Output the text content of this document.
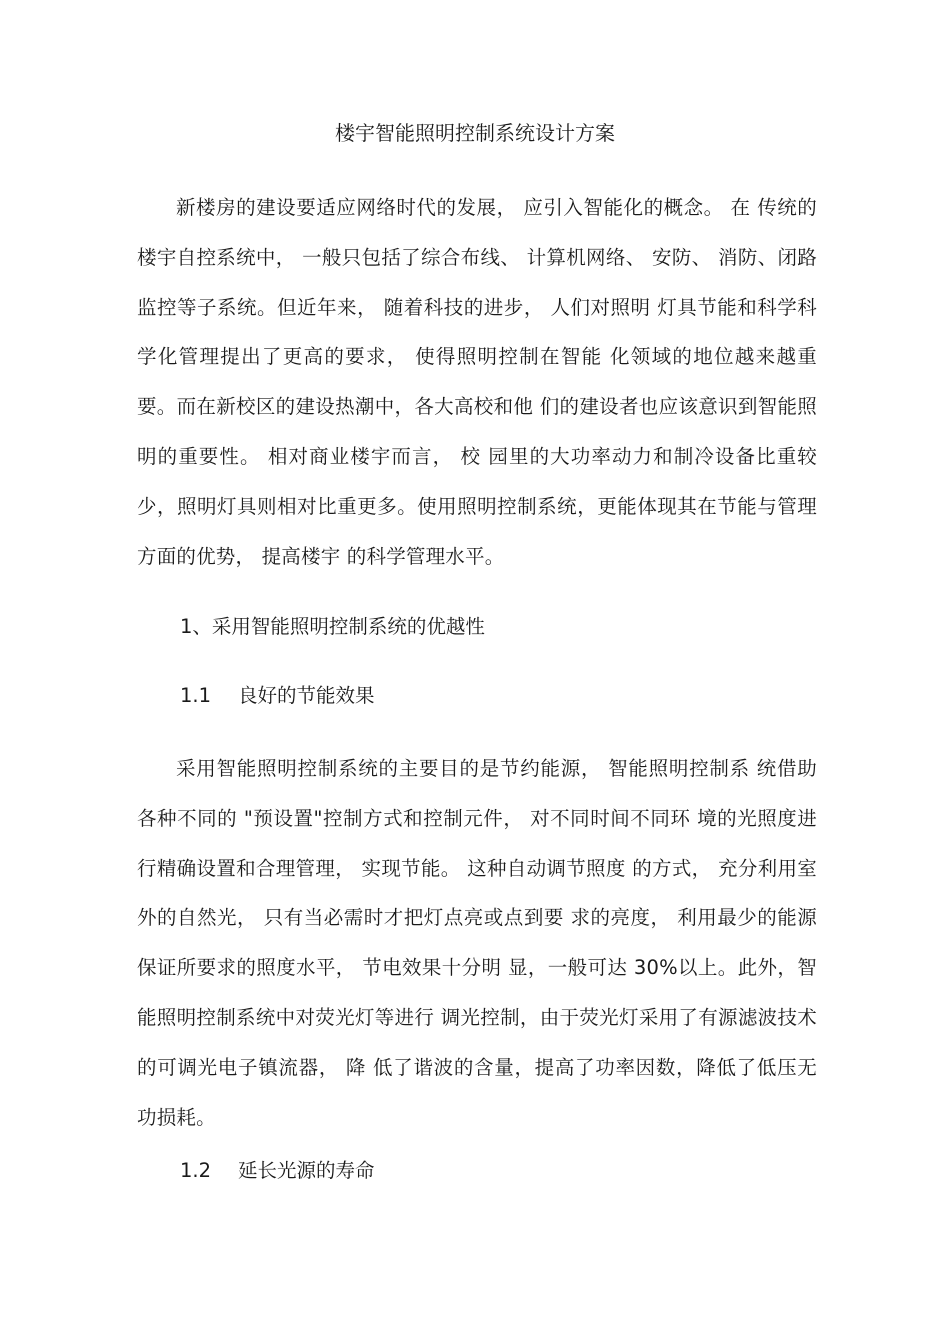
楼宇智能照明控制系统设计方案
新楼房的建设要适应网络时代的发展， 应引入智能化的概念。 在 传统的楼宇自控系统中， 一般只包括了综合布线、 计算机网络、 安防、 消防、闭路监控等子系统。但近年来， 随着科技的进步， 人们对照明 灯具节能和科学科学化管理提出了更高的要求， 使得照明控制在智能 化领域的地位越来越重要。而在新校区的建设热潮中，各大高校和他 们的建设者也应该意识到智能照明的重要性。 相对商业楼宇而言， 校 园里的大功率动力和制冷设备比重较少，照明灯具则相对比重更多。使用照明控制系统，更能体现其在节能与管理方面的优势， 提高楼宇 的科学管理水平。
1、采用智能照明控制系统的优越性
1.1 良好的节能效果
采用智能照明控制系统的主要目的是节约能源， 智能照明控制系 统借助各种不同的 "预设置"控制方式和控制元件， 对不同时间不同环 境的光照度进行精确设置和合理管理， 实现节能。 这种自动调节照度 的方式， 充分利用室外的自然光， 只有当必需时才把灯点亮或点到要 求的亮度， 利用最少的能源保证所要求的照度水平， 节电效果十分明 显，一般可达 30%以上。此外，智能照明控制系统中对荧光灯等进行 调光控制，由于荧光灯采用了有源滤波技术的可调光电子镇流器， 降 低了谐波的含量，提高了功率因数，降低了低压无功损耗。
1.2 延长光源的寿命
